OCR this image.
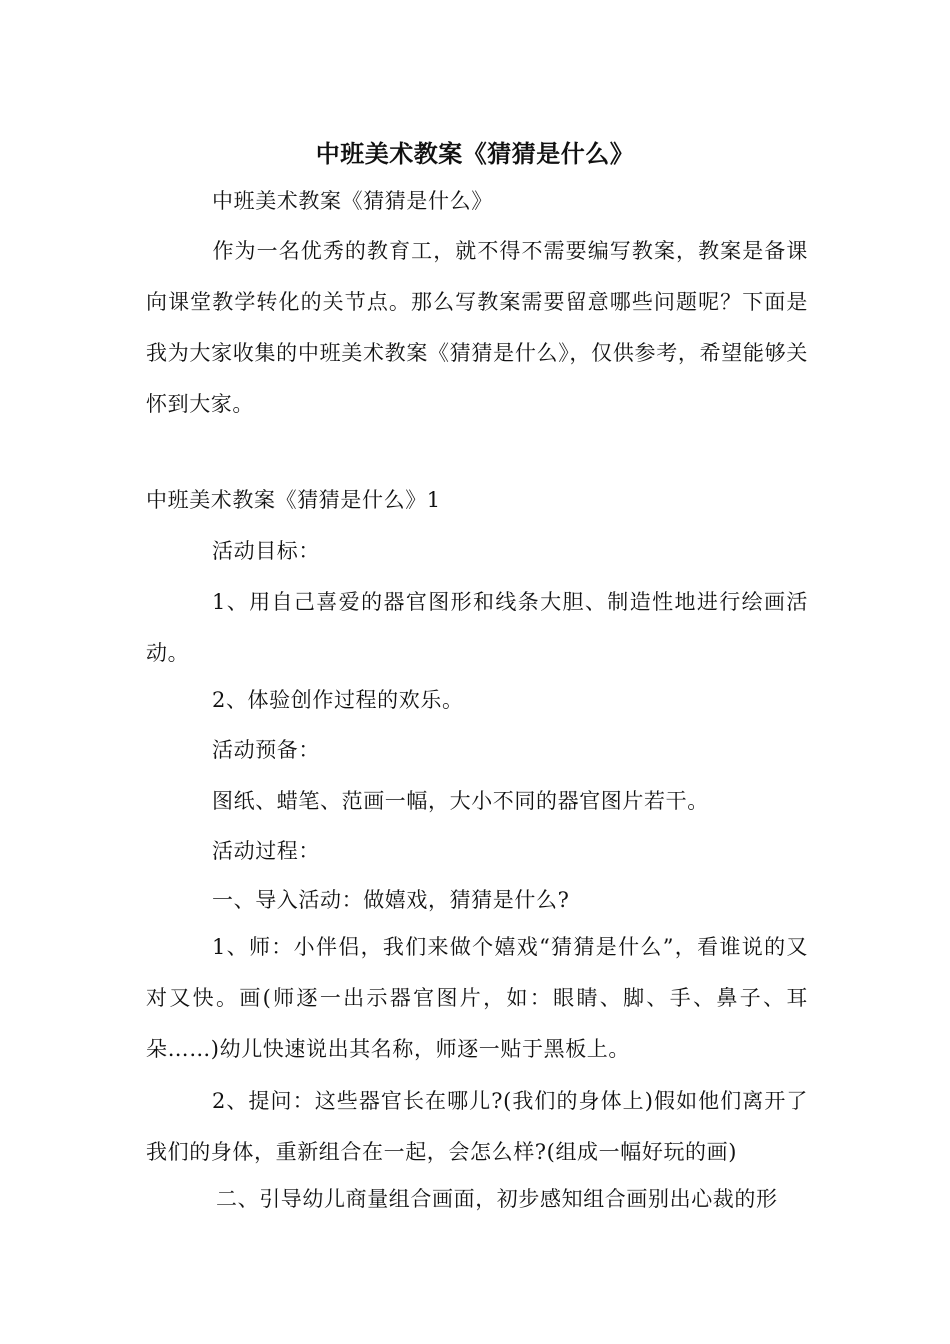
中班美术教案《猜猜是什么》
中班美术教案《猜猜是什么》
作为一名优秀的教育工，就不得不需要编写教案，教案是备课向课堂教学转化的关节点。那么写教案需要留意哪些问题呢？下面是我为大家收集的中班美术教案《猜猜是什么》，仅供参考，希望能够关怀到大家。
中班美术教案《猜猜是什么》1
活动目标：
1、用自己喜爱的器官图形和线条大胆、制造性地进行绘画活动。
2、体验创作过程的欢乐。
活动预备：
图纸、蜡笔、范画一幅，大小不同的器官图片若干。
活动过程：
一、导入活动：做嬉戏，猜猜是什么?
1、师：小伴侣，我们来做个嬉戏“猜猜是什么”，看谁说的又对又快。画(师逐一出示器官图片，如：眼睛、脚、手、鼻子、耳朵……)幼儿快速说出其名称，师逐一贴于黑板上。
2、提问：这些器官长在哪儿?(我们的身体上)假如他们离开了我们的身体，重新组合在一起，会怎么样?(组成一幅好玩的画)
二、引导幼儿商量组合画面，初步感知组合画别出心裁的形
